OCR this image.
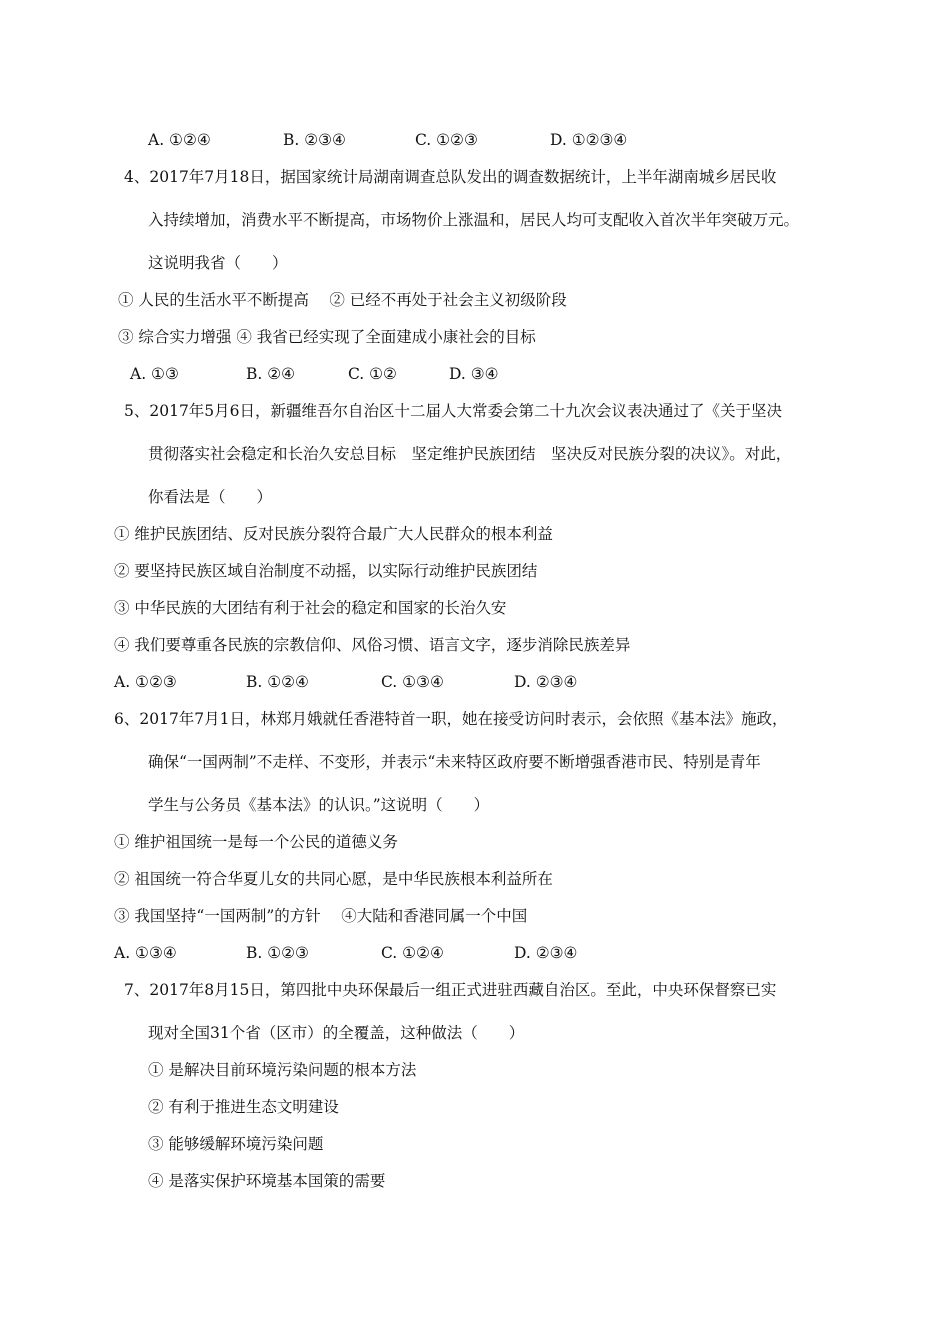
A. ①②④	B. ②③④	C. ①②③	D. ①②③④

4、2017年7月18日，据国家统计局湖南调查总队发出的调查数据统计，上半年湖南城乡居民收

入持续增加，消费水平不断提高，市场物价上涨温和，居民人均可支配收入首次半年突破万元。

这说明我省（　　）

① 人民的生活水平不断提高　 ② 已经不再处于社会主义初级阶段

③ 综合实力增强 ④ 我省已经实现了全面建成小康社会的目标

A. ①③	B. ②④	C. ①②	D. ③④

5、2017年5月6日，新疆维吾尔自治区十二届人大常委会第二十九次会议表决通过了《关于坚决

贯彻落实社会稳定和长治久安总目标　坚定维护民族团结　坚决反对民族分裂的决议》。对此，

你看法是（　　）

① 维护民族团结、反对民族分裂符合最广大人民群众的根本利益

② 要坚持民族区域自治制度不动摇，以实际行动维护民族团结

③ 中华民族的大团结有利于社会的稳定和国家的长治久安

④ 我们要尊重各民族的宗教信仰、风俗习惯、语言文字，逐步消除民族差异

A. ①②③	B. ①②④	C. ①③④	D. ②③④

6、2017年7月1日，林郑月娥就任香港特首一职，她在接受访问时表示，会依照《基本法》施政，

确保“一国两制”不走样、不变形，并表示“未来特区政府要不断增强香港市民、特别是青年

学生与公务员《基本法》的认识。”这说明（　　）

① 维护祖国统一是每一个公民的道德义务

② 祖国统一符合华夏儿女的共同心愿，是中华民族根本利益所在

③ 我国坚持“一国两制”的方针　 ④大陆和香港同属一个中国

A. ①③④	B. ①②③	C. ①②④	D. ②③④

7、2017年8月15日，第四批中央环保最后一组正式进驻西藏自治区。至此，中央环保督察已实

现对全国31个省（区市）的全覆盖，这种做法（　　）

① 是解决目前环境污染问题的根本方法

② 有利于推进生态文明建设

③ 能够缓解环境污染问题

④ 是落实保护环境基本国策的需要
